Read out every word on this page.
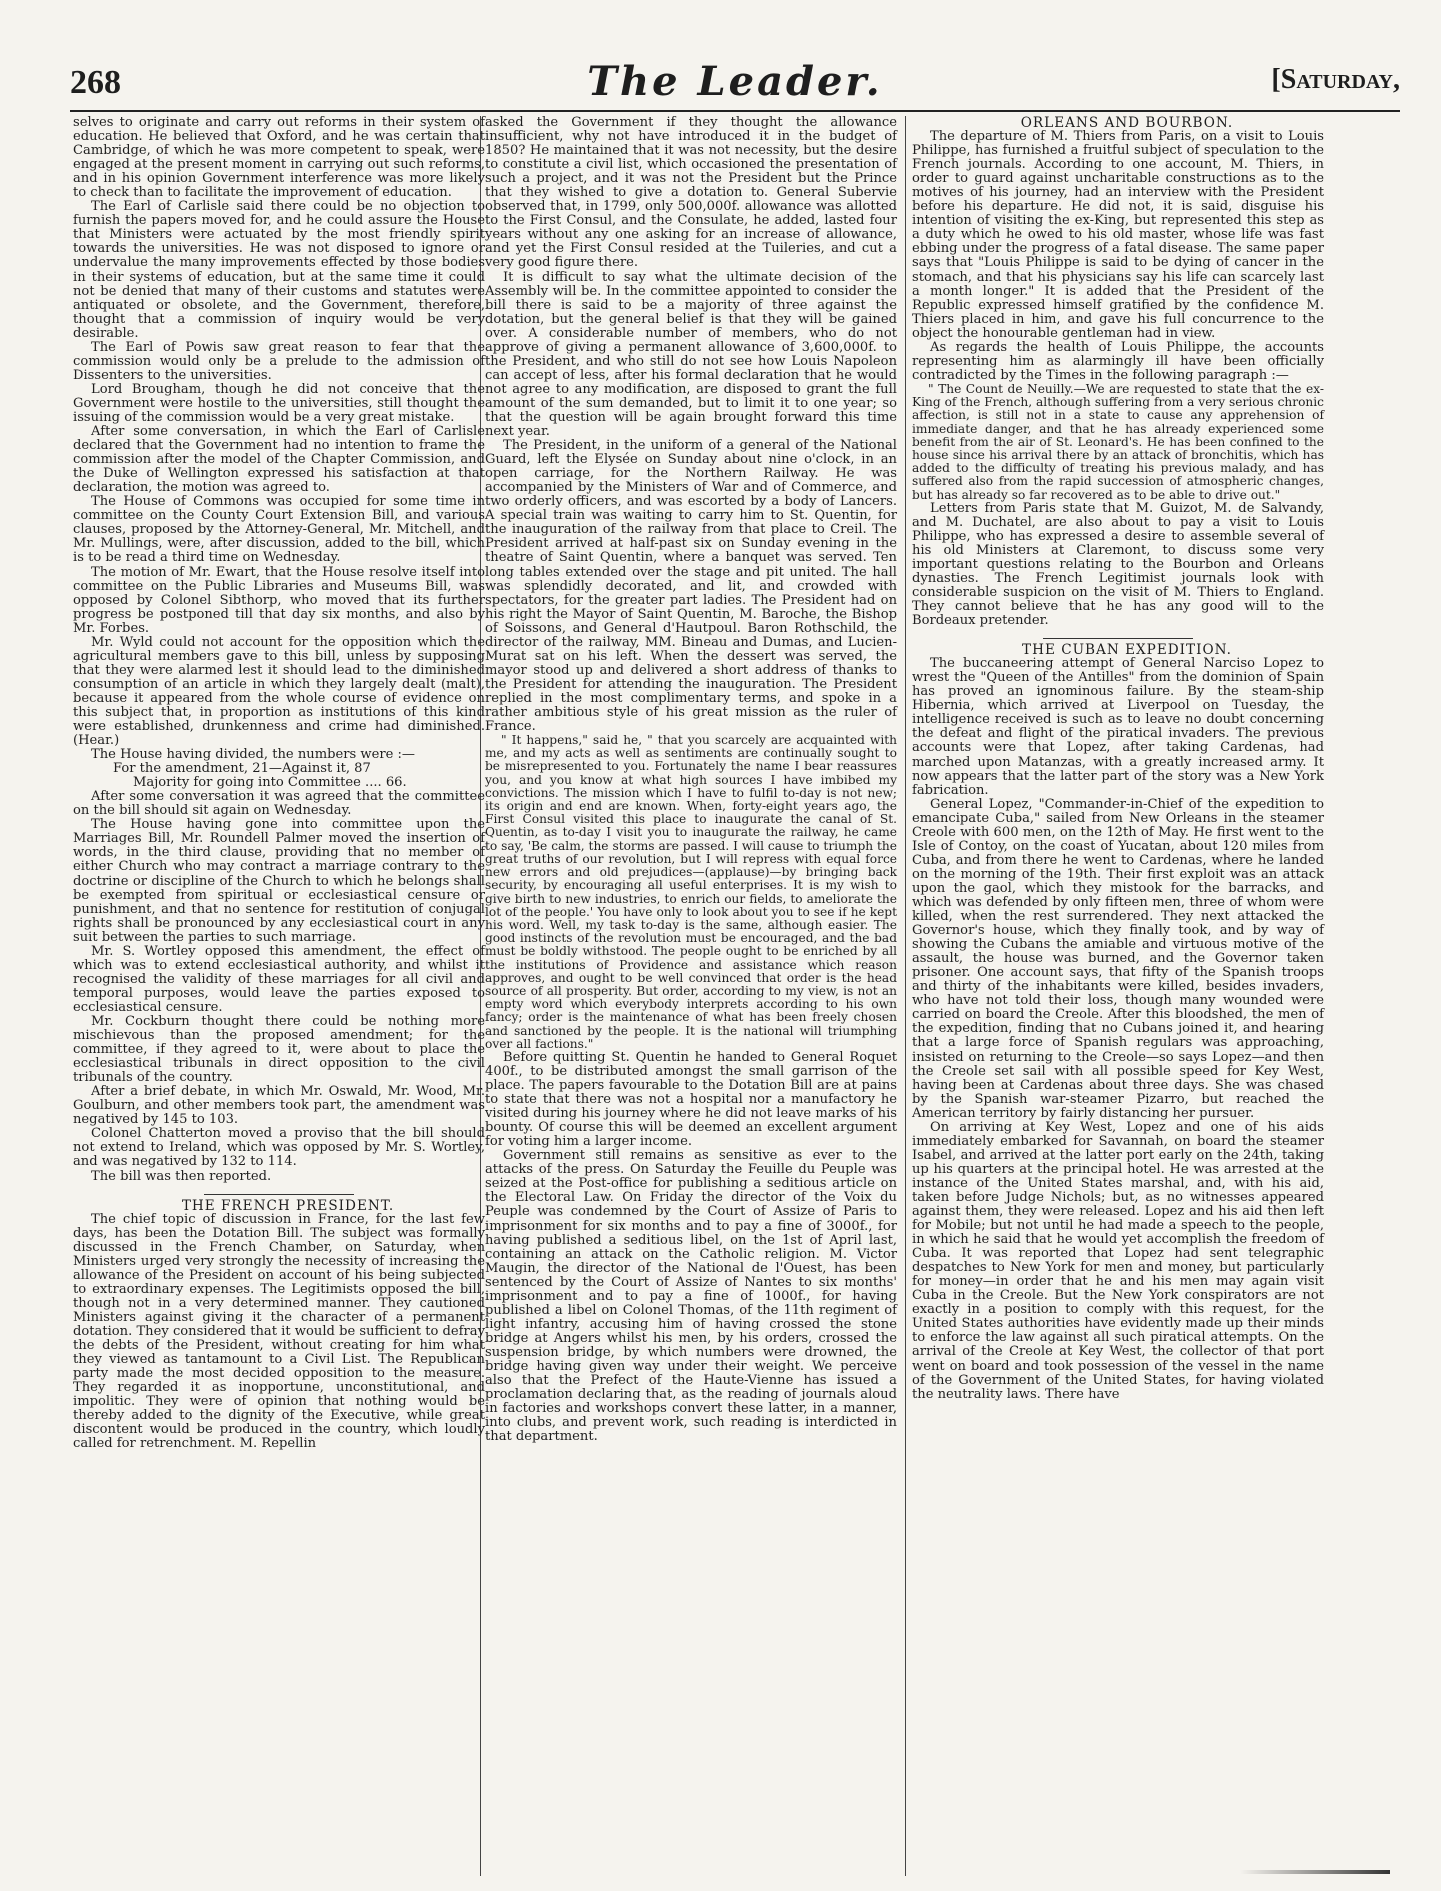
268	The Leader.	[Saturday,

selves to originate and carry out reforms in their system of education. He believed that Oxford, and he was certain that Cambridge, of which he was more competent to speak, were engaged at the present moment in carrying out such reforms, and in his opinion Government interference was more likely to check than to facilitate the improvement of education.

The Earl of Carlisle said there could be no objection to furnish the papers moved for, and he could assure the House that Ministers were actuated by the most friendly spirit towards the universities. He was not disposed to ignore or undervalue the many improvements effected by those bodies in their systems of education, but at the same time it could not be denied that many of their customs and statutes were antiquated or obsolete, and the Government, therefore, thought that a commission of inquiry would be very desirable.

The Earl of Powis saw great reason to fear that the commission would only be a prelude to the admission of Dissenters to the universities.

Lord Brougham, though he did not conceive that the Government were hostile to the universities, still thought the issuing of the commission would be a very great mistake.

After some conversation, in which the Earl of Carlisle declared that the Government had no intention to frame the commission after the model of the Chapter Commission, and the Duke of Wellington expressed his satisfaction at that declaration, the motion was agreed to.

The House of Commons was occupied for some time in committee on the County Court Extension Bill, and various clauses, proposed by the Attorney-General, Mr. Mitchell, and Mr. Mullings, were, after discussion, added to the bill, which is to be read a third time on Wednesday.

The motion of Mr. Ewart, that the House resolve itself into committee on the Public Libraries and Museums Bill, was opposed by Colonel Sibthorp, who moved that its further progress be postponed till that day six months, and also by Mr. Forbes.

Mr. Wyld could not account for the opposition which the agricultural members gave to this bill, unless by supposing that they were alarmed lest it should lead to the diminished consumption of an article in which they largely dealt (malt), because it appeared from the whole course of evidence on this subject that, in proportion as institutions of this kind were established, drunkenness and crime had diminished. (Hear.)

The House having divided, the numbers were :—

For the amendment, 21—Against it, 87

Majority for going into Committee .... 66.

After some conversation it was agreed that the committee on the bill should sit again on Wednesday.

The House having gone into committee upon the Marriages Bill, Mr. Roundell Palmer moved the insertion of words, in the third clause, providing that no member of either Church who may contract a marriage contrary to the doctrine or discipline of the Church to which he belongs shall be exempted from spiritual or ecclesiastical censure or punishment, and that no sentence for restitution of conjugal rights shall be pronounced by any ecclesiastical court in any suit between the parties to such marriage.

Mr. S. Wortley opposed this amendment, the effect of which was to extend ecclesiastical authority, and whilst it recognised the validity of these marriages for all civil and temporal purposes, would leave the parties exposed to ecclesiastical censure.

Mr. Cockburn thought there could be nothing more mischievous than the proposed amendment; for the committee, if they agreed to it, were about to place the ecclesiastical tribunals in direct opposition to the civil tribunals of the country.

After a brief debate, in which Mr. Oswald, Mr. Wood, Mr. Goulburn, and other members took part, the amendment was negatived by 145 to 103.

Colonel Chatterton moved a proviso that the bill should not extend to Ireland, which was opposed by Mr. S. Wortley, and was negatived by 132 to 114.

The bill was then reported.

THE FRENCH PRESIDENT.

The chief topic of discussion in France, for the last few days, has been the Dotation Bill. The subject was formally discussed in the French Chamber, on Saturday, when Ministers urged very strongly the necessity of increasing the allowance of the President on account of his being subjected to extraordinary expenses. The Legitimists opposed the bill, though not in a very determined manner. They cautioned Ministers against giving it the character of a permanent dotation. They considered that it would be sufficient to defray the debts of the President, without creating for him what they viewed as tantamount to a Civil List. The Republican party made the most decided opposition to the measure. They regarded it as inopportune, unconstitutional, and impolitic. They were of opinion that nothing would be thereby added to the dignity of the Executive, while great discontent would be produced in the country, which loudly called for retrenchment. M. Repellin

asked the Government if they thought the allowance insufficient, why not have introduced it in the budget of 1850? He maintained that it was not necessity, but the desire to constitute a civil list, which occasioned the presentation of such a project, and it was not the President but the Prince that they wished to give a dotation to. General Subervie observed that, in 1799, only 500,000f. allowance was allotted to the First Consul, and the Consulate, he added, lasted four years without any one asking for an increase of allowance, and yet the First Consul resided at the Tuileries, and cut a very good figure there.

It is difficult to say what the ultimate decision of the Assembly will be. In the committee appointed to consider the bill there is said to be a majority of three against the dotation, but the general belief is that they will be gained over. A considerable number of members, who do not approve of giving a permanent allowance of 3,600,000f. to the President, and who still do not see how Louis Napoleon can accept of less, after his formal declaration that he would not agree to any modification, are disposed to grant the full amount of the sum demanded, but to limit it to one year; so that the question will be again brought forward this time next year.

The President, in the uniform of a general of the National Guard, left the Elysée on Sunday about nine o'clock, in an open carriage, for the Northern Railway. He was accompanied by the Ministers of War and of Commerce, and two orderly officers, and was escorted by a body of Lancers. A special train was waiting to carry him to St. Quentin, for the inauguration of the railway from that place to Creil. The President arrived at half-past six on Sunday evening in the theatre of Saint Quentin, where a banquet was served. Ten long tables extended over the stage and pit united. The hall was splendidly decorated, and lit, and crowded with spectators, for the greater part ladies. The President had on his right the Mayor of Saint Quentin, M. Baroche, the Bishop of Soissons, and General d'Hautpoul. Baron Rothschild, the director of the railway, MM. Bineau and Dumas, and Lucien-Murat sat on his left. When the dessert was served, the mayor stood up and delivered a short address of thanks to the President for attending the inauguration. The President replied in the most complimentary terms, and spoke in a rather ambitious style of his great mission as the ruler of France.

" It happens," said he, " that you scarcely are acquainted with me, and my acts as well as sentiments are continually sought to be misrepresented to you. Fortunately the name I bear reassures you, and you know at what high sources I have imbibed my convictions. The mission which I have to fulfil to-day is not new; its origin and end are known. When, forty-eight years ago, the First Consul visited this place to inaugurate the canal of St. Quentin, as to-day I visit you to inaugurate the railway, he came to say, 'Be calm, the storms are passed. I will cause to triumph the great truths of our revolution, but I will repress with equal force new errors and old prejudices—(applause)—by bringing back security, by encouraging all useful enterprises. It is my wish to give birth to new industries, to enrich our fields, to ameliorate the lot of the people.' You have only to look about you to see if he kept his word. Well, my task to-day is the same, although easier. The good instincts of the revolution must be encouraged, and the bad must be boldly withstood. The people ought to be enriched by all the institutions of Providence and assistance which reason approves, and ought to be well convinced that order is the head source of all prosperity. But order, according to my view, is not an empty word which everybody interprets according to his own fancy; order is the maintenance of what has been freely chosen and sanctioned by the people. It is the national will triumphing over all factions."

Before quitting St. Quentin he handed to General Roquet 400f., to be distributed amongst the small garrison of the place. The papers favourable to the Dotation Bill are at pains to state that there was not a hospital nor a manufactory he visited during his journey where he did not leave marks of his bounty. Of course this will be deemed an excellent argument for voting him a larger income.

Government still remains as sensitive as ever to the attacks of the press. On Saturday the Feuille du Peuple was seized at the Post-office for publishing a seditious article on the Electoral Law. On Friday the director of the Voix du Peuple was condemned by the Court of Assize of Paris to imprisonment for six months and to pay a fine of 3000f., for having published a seditious libel, on the 1st of April last, containing an attack on the Catholic religion. M. Victor Maugin, the director of the National de l'Ouest, has been sentenced by the Court of Assize of Nantes to six months' imprisonment and to pay a fine of 1000f., for having published a libel on Colonel Thomas, of the 11th regiment of light infantry, accusing him of having crossed the stone bridge at Angers whilst his men, by his orders, crossed the suspension bridge, by which numbers were drowned, the bridge having given way under their weight. We perceive also that the Prefect of the Haute-Vienne has issued a proclamation declaring that, as the reading of journals aloud in factories and workshops convert these latter, in a manner, into clubs, and prevent work, such reading is interdicted in that department.

ORLEANS AND BOURBON.

The departure of M. Thiers from Paris, on a visit to Louis Philippe, has furnished a fruitful subject of speculation to the French journals. According to one account, M. Thiers, in order to guard against uncharitable constructions as to the motives of his journey, had an interview with the President before his departure. He did not, it is said, disguise his intention of visiting the ex-King, but represented this step as a duty which he owed to his old master, whose life was fast ebbing under the progress of a fatal disease. The same paper says that "Louis Philippe is said to be dying of cancer in the stomach, and that his physicians say his life can scarcely last a month longer." It is added that the President of the Republic expressed himself gratified by the confidence M. Thiers placed in him, and gave his full concurrence to the object the honourable gentleman had in view.

As regards the health of Louis Philippe, the accounts representing him as alarmingly ill have been officially contradicted by the Times in the following paragraph :—

" The Count de Neuilly.—We are requested to state that the ex-King of the French, although suffering from a very serious chronic affection, is still not in a state to cause any apprehension of immediate danger, and that he has already experienced some benefit from the air of St. Leonard's. He has been confined to the house since his arrival there by an attack of bronchitis, which has added to the difficulty of treating his previous malady, and has suffered also from the rapid succession of atmospheric changes, but has already so far recovered as to be able to drive out."

Letters from Paris state that M. Guizot, M. de Salvandy, and M. Duchatel, are also about to pay a visit to Louis Philippe, who has expressed a desire to assemble several of his old Ministers at Claremont, to discuss some very important questions relating to the Bourbon and Orleans dynasties. The French Legitimist journals look with considerable suspicion on the visit of M. Thiers to England. They cannot believe that he has any good will to the Bordeaux pretender.

THE CUBAN EXPEDITION.

The buccaneering attempt of General Narciso Lopez to wrest the "Queen of the Antilles" from the dominion of Spain has proved an ignominous failure. By the steam-ship Hibernia, which arrived at Liverpool on Tuesday, the intelligence received is such as to leave no doubt concerning the defeat and flight of the piratical invaders. The previous accounts were that Lopez, after taking Cardenas, had marched upon Matanzas, with a greatly increased army. It now appears that the latter part of the story was a New York fabrication.

General Lopez, "Commander-in-Chief of the expedition to emancipate Cuba," sailed from New Orleans in the steamer Creole with 600 men, on the 12th of May. He first went to the Isle of Contoy, on the coast of Yucatan, about 120 miles from Cuba, and from there he went to Cardenas, where he landed on the morning of the 19th. Their first exploit was an attack upon the gaol, which they mistook for the barracks, and which was defended by only fifteen men, three of whom were killed, when the rest surrendered. They next attacked the Governor's house, which they finally took, and by way of showing the Cubans the amiable and virtuous motive of the assault, the house was burned, and the Governor taken prisoner. One account says, that fifty of the Spanish troops and thirty of the inhabitants were killed, besides invaders, who have not told their loss, though many wounded were carried on board the Creole. After this bloodshed, the men of the expedition, finding that no Cubans joined it, and hearing that a large force of Spanish regulars was approaching, insisted on returning to the Creole—so says Lopez—and then the Creole set sail with all possible speed for Key West, having been at Cardenas about three days. She was chased by the Spanish war-steamer Pizarro, but reached the American territory by fairly distancing her pursuer.

On arriving at Key West, Lopez and one of his aids immediately embarked for Savannah, on board the steamer Isabel, and arrived at the latter port early on the 24th, taking up his quarters at the principal hotel. He was arrested at the instance of the United States marshal, and, with his aid, taken before Judge Nichols; but, as no witnesses appeared against them, they were released. Lopez and his aid then left for Mobile; but not until he had made a speech to the people, in which he said that he would yet accomplish the freedom of Cuba. It was reported that Lopez had sent telegraphic despatches to New York for men and money, but particularly for money—in order that he and his men may again visit Cuba in the Creole. But the New York conspirators are not exactly in a position to comply with this request, for the United States authorities have evidently made up their minds to enforce the law against all such piratical attempts. On the arrival of the Creole at Key West, the collector of that port went on board and took possession of the vessel in the name of the Government of the United States, for having violated the neutrality laws. There have
